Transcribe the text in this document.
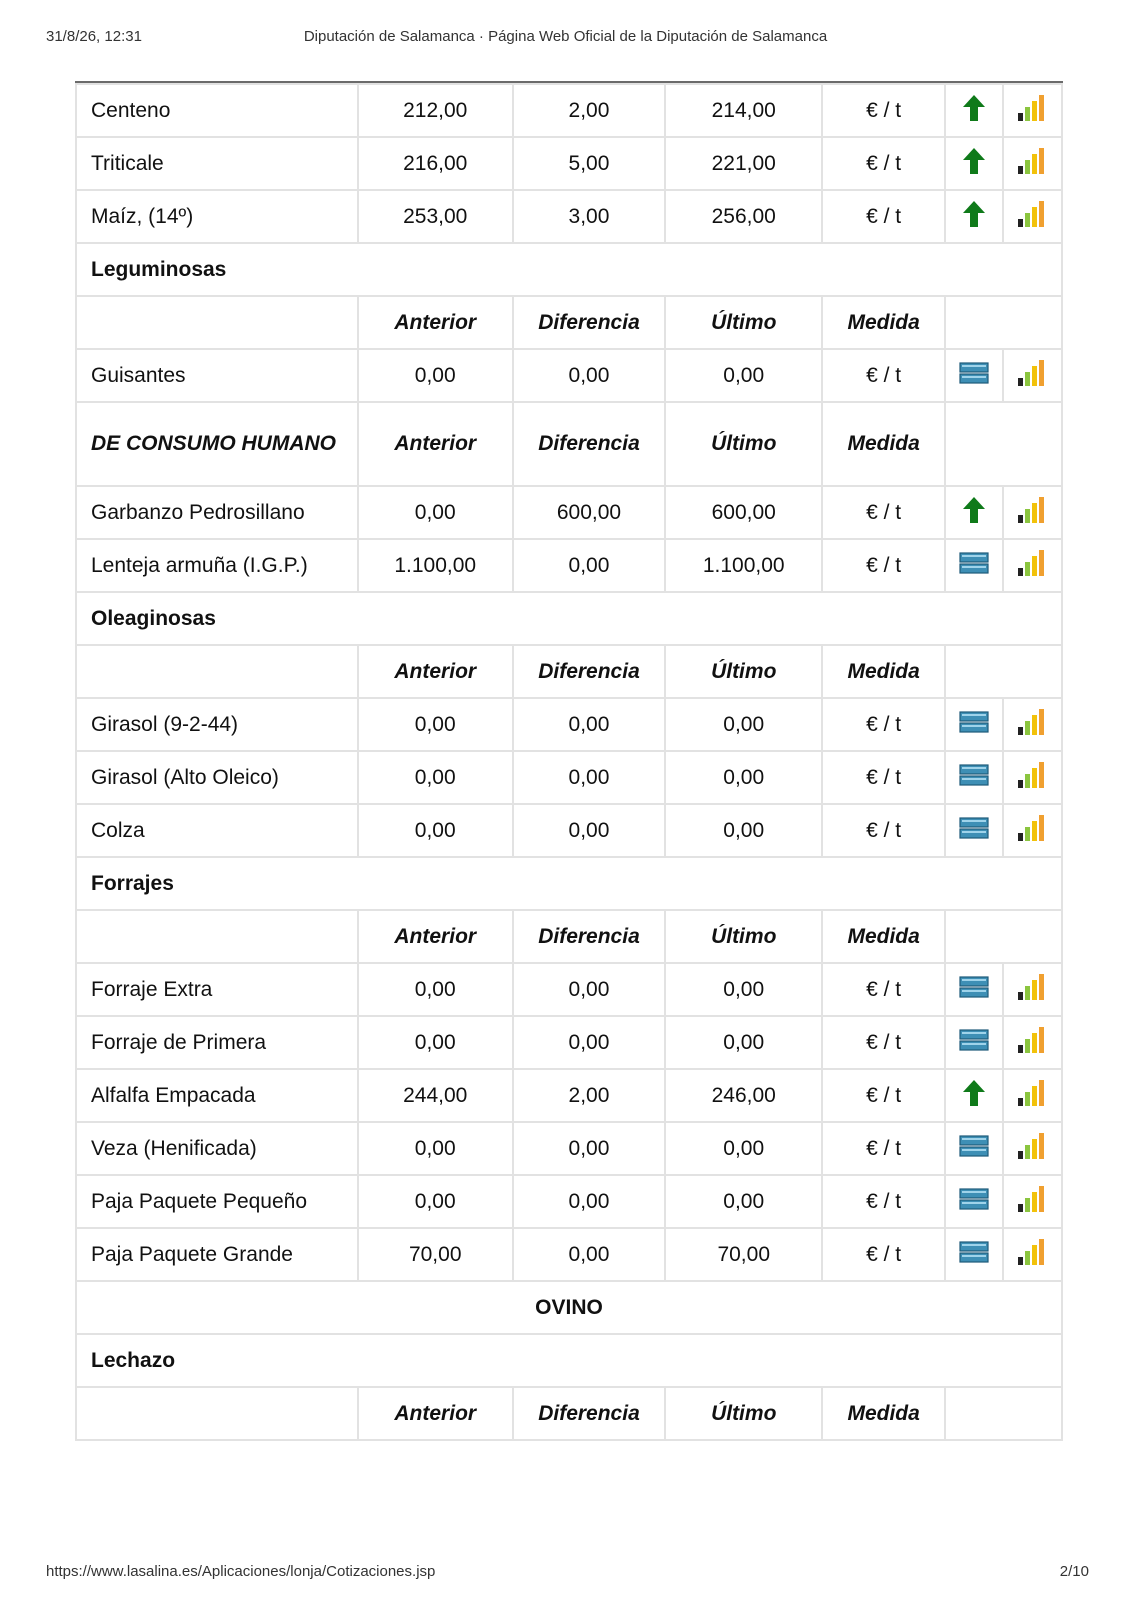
31/8/26, 12:31	Diputación de Salamanca · Página Web Oficial de la Diputación de Salamanca
Centeno	212,00	2,00	214,00	€ / t		
Triticale	216,00	5,00	221,00	€ / t		
Maíz, (14º)	253,00	3,00	256,00	€ / t		
Leguminosas						
	Anterior	Diferencia	Último	Medida		
Guisantes	0,00	0,00	0,00	€ / t		
DE CONSUMO HUMANO	Anterior	Diferencia	Último	Medida		
Garbanzo Pedrosillano	0,00	600,00	600,00	€ / t		
Lenteja armuña (I.G.P.)	1.100,00	0,00	1.100,00	€ / t		
Oleaginosas						
	Anterior	Diferencia	Último	Medida		
Girasol (9-2-44)	0,00	0,00	0,00	€ / t		
Girasol (Alto Oleico)	0,00	0,00	0,00	€ / t		
Colza	0,00	0,00	0,00	€ / t		
Forrajes						
	Anterior	Diferencia	Último	Medida		
Forraje Extra	0,00	0,00	0,00	€ / t		
Forraje de Primera	0,00	0,00	0,00	€ / t		
Alfalfa Empacada	244,00	2,00	246,00	€ / t		
Veza (Henificada)	0,00	0,00	0,00	€ / t		
Paja Paquete Pequeño	0,00	0,00	0,00	€ / t		
Paja Paquete Grande	70,00	0,00	70,00	€ / t		
OVINO						
Lechazo						
	Anterior	Diferencia	Último	Medida		
https://www.lasalina.es/Aplicaciones/lonja/Cotizaciones.jsp	2/10
